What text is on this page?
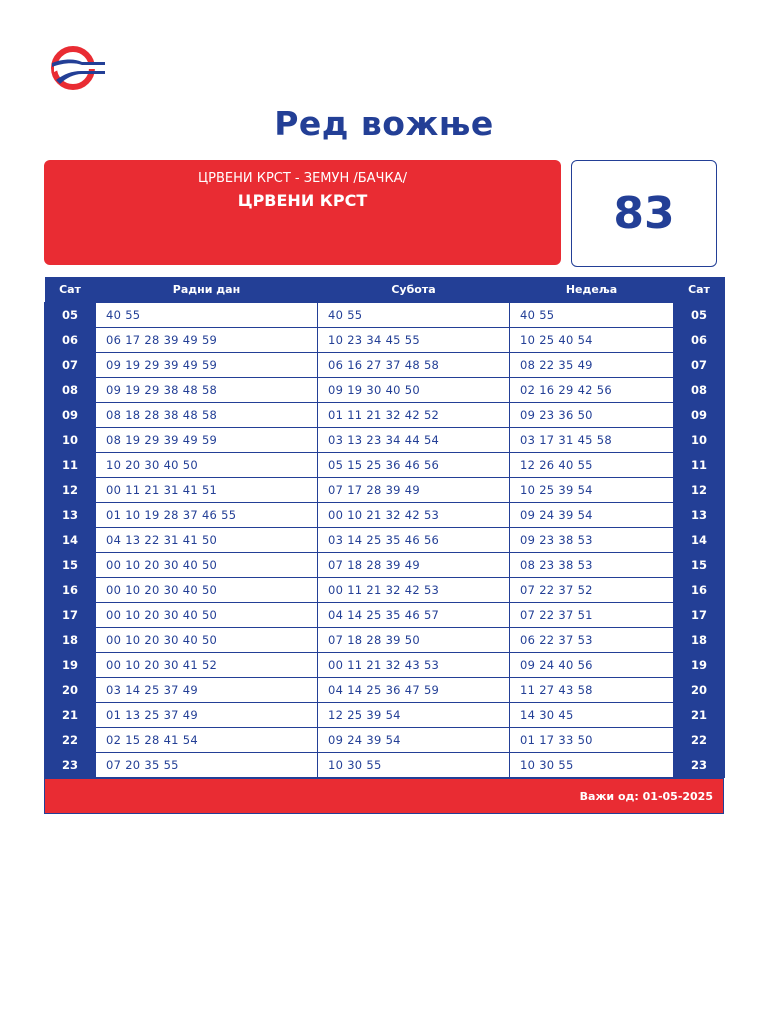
Ред вожње
ЦРВЕНИ КРСТ - ЗЕМУН /БАЧКА/
ЦРВЕНИ КРСТ	83
Сат	Радни дан	Субота	Недеља	Сат
05	40 55	40 55	40 55	05
06	06 17 28 39 49 59	10 23 34 45 55	10 25 40 54	06
07	09 19 29 39 49 59	06 16 27 37 48 58	08 22 35 49	07
08	09 19 29 38 48 58	09 19 30 40 50	02 16 29 42 56	08
09	08 18 28 38 48 58	01 11 21 32 42 52	09 23 36 50	09
10	08 19 29 39 49 59	03 13 23 34 44 54	03 17 31 45 58	10
11	10 20 30 40 50	05 15 25 36 46 56	12 26 40 55	11
12	00 11 21 31 41 51	07 17 28 39 49	10 25 39 54	12
13	01 10 19 28 37 46 55	00 10 21 32 42 53	09 24 39 54	13
14	04 13 22 31 41 50	03 14 25 35 46 56	09 23 38 53	14
15	00 10 20 30 40 50	07 18 28 39 49	08 23 38 53	15
16	00 10 20 30 40 50	00 11 21 32 42 53	07 22 37 52	16
17	00 10 20 30 40 50	04 14 25 35 46 57	07 22 37 51	17
18	00 10 20 30 40 50	07 18 28 39 50	06 22 37 53	18
19	00 10 20 30 41 52	00 11 21 32 43 53	09 24 40 56	19
20	03 14 25 37 49	04 14 25 36 47 59	11 27 43 58	20
21	01 13 25 37 49	12 25 39 54	14 30 45	21
22	02 15 28 41 54	09 24 39 54	01 17 33 50	22
23	07 20 35 55	10 30 55	10 30 55	23
Важи од: 01-05-2025
